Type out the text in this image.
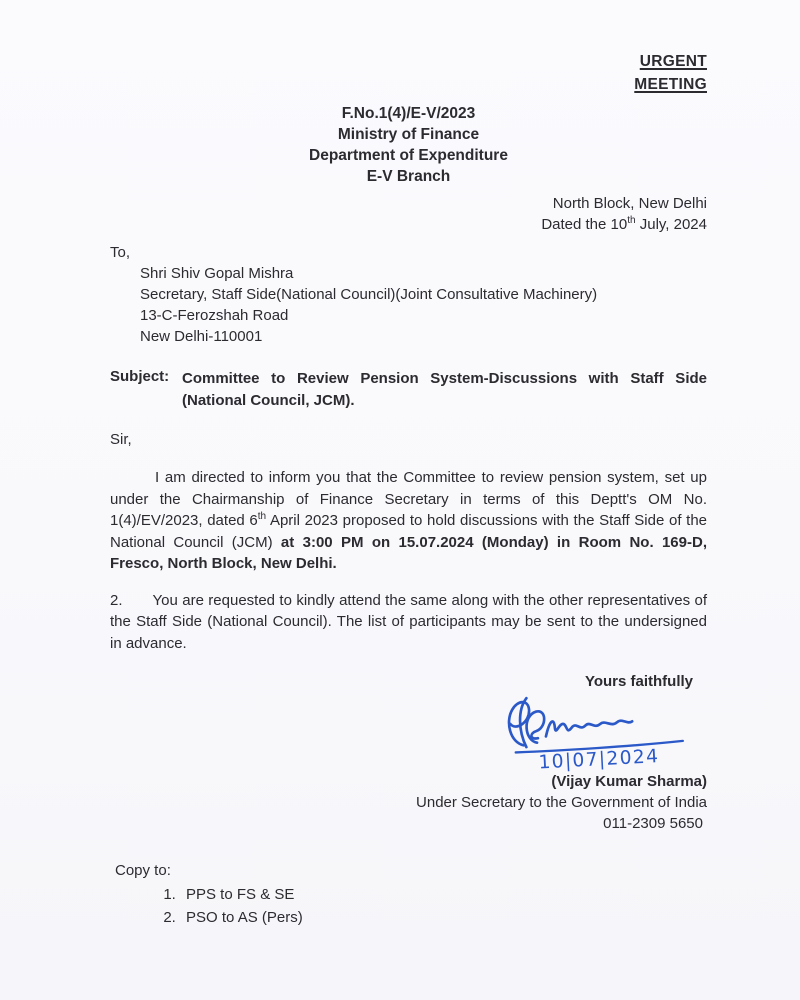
URGENT
MEETING
F.No.1(4)/E-V/2023
Ministry of Finance
Department of Expenditure
E-V Branch
North Block, New Delhi
Dated the 10th July, 2024
To,
Shri Shiv Gopal Mishra
Secretary, Staff Side(National Council)(Joint Consultative Machinery)
13-C-Ferozshah Road
New Delhi-110001
Subject: Committee to Review Pension System-Discussions with Staff Side (National Council, JCM).
Sir,

I am directed to inform you that the Committee to review pension system, set up under the Chairmanship of Finance Secretary in terms of this Deptt's OM No. 1(4)/EV/2023, dated 6th April 2023 proposed to hold discussions with the Staff Side of the National Council (JCM) at 3:00 PM on 15.07.2024 (Monday) in Room No. 169-D, Fresco, North Block, New Delhi.

2. You are requested to kindly attend the same along with the other representatives of the Staff Side (National Council). The list of participants may be sent to the undersigned in advance.

Yours faithfully
10|07|2024
(Vijay Kumar Sharma)
Under Secretary to the Government of India
011-2309 5650
Copy to:
1. PPS to FS & SE
2. PSO to AS (Pers)
